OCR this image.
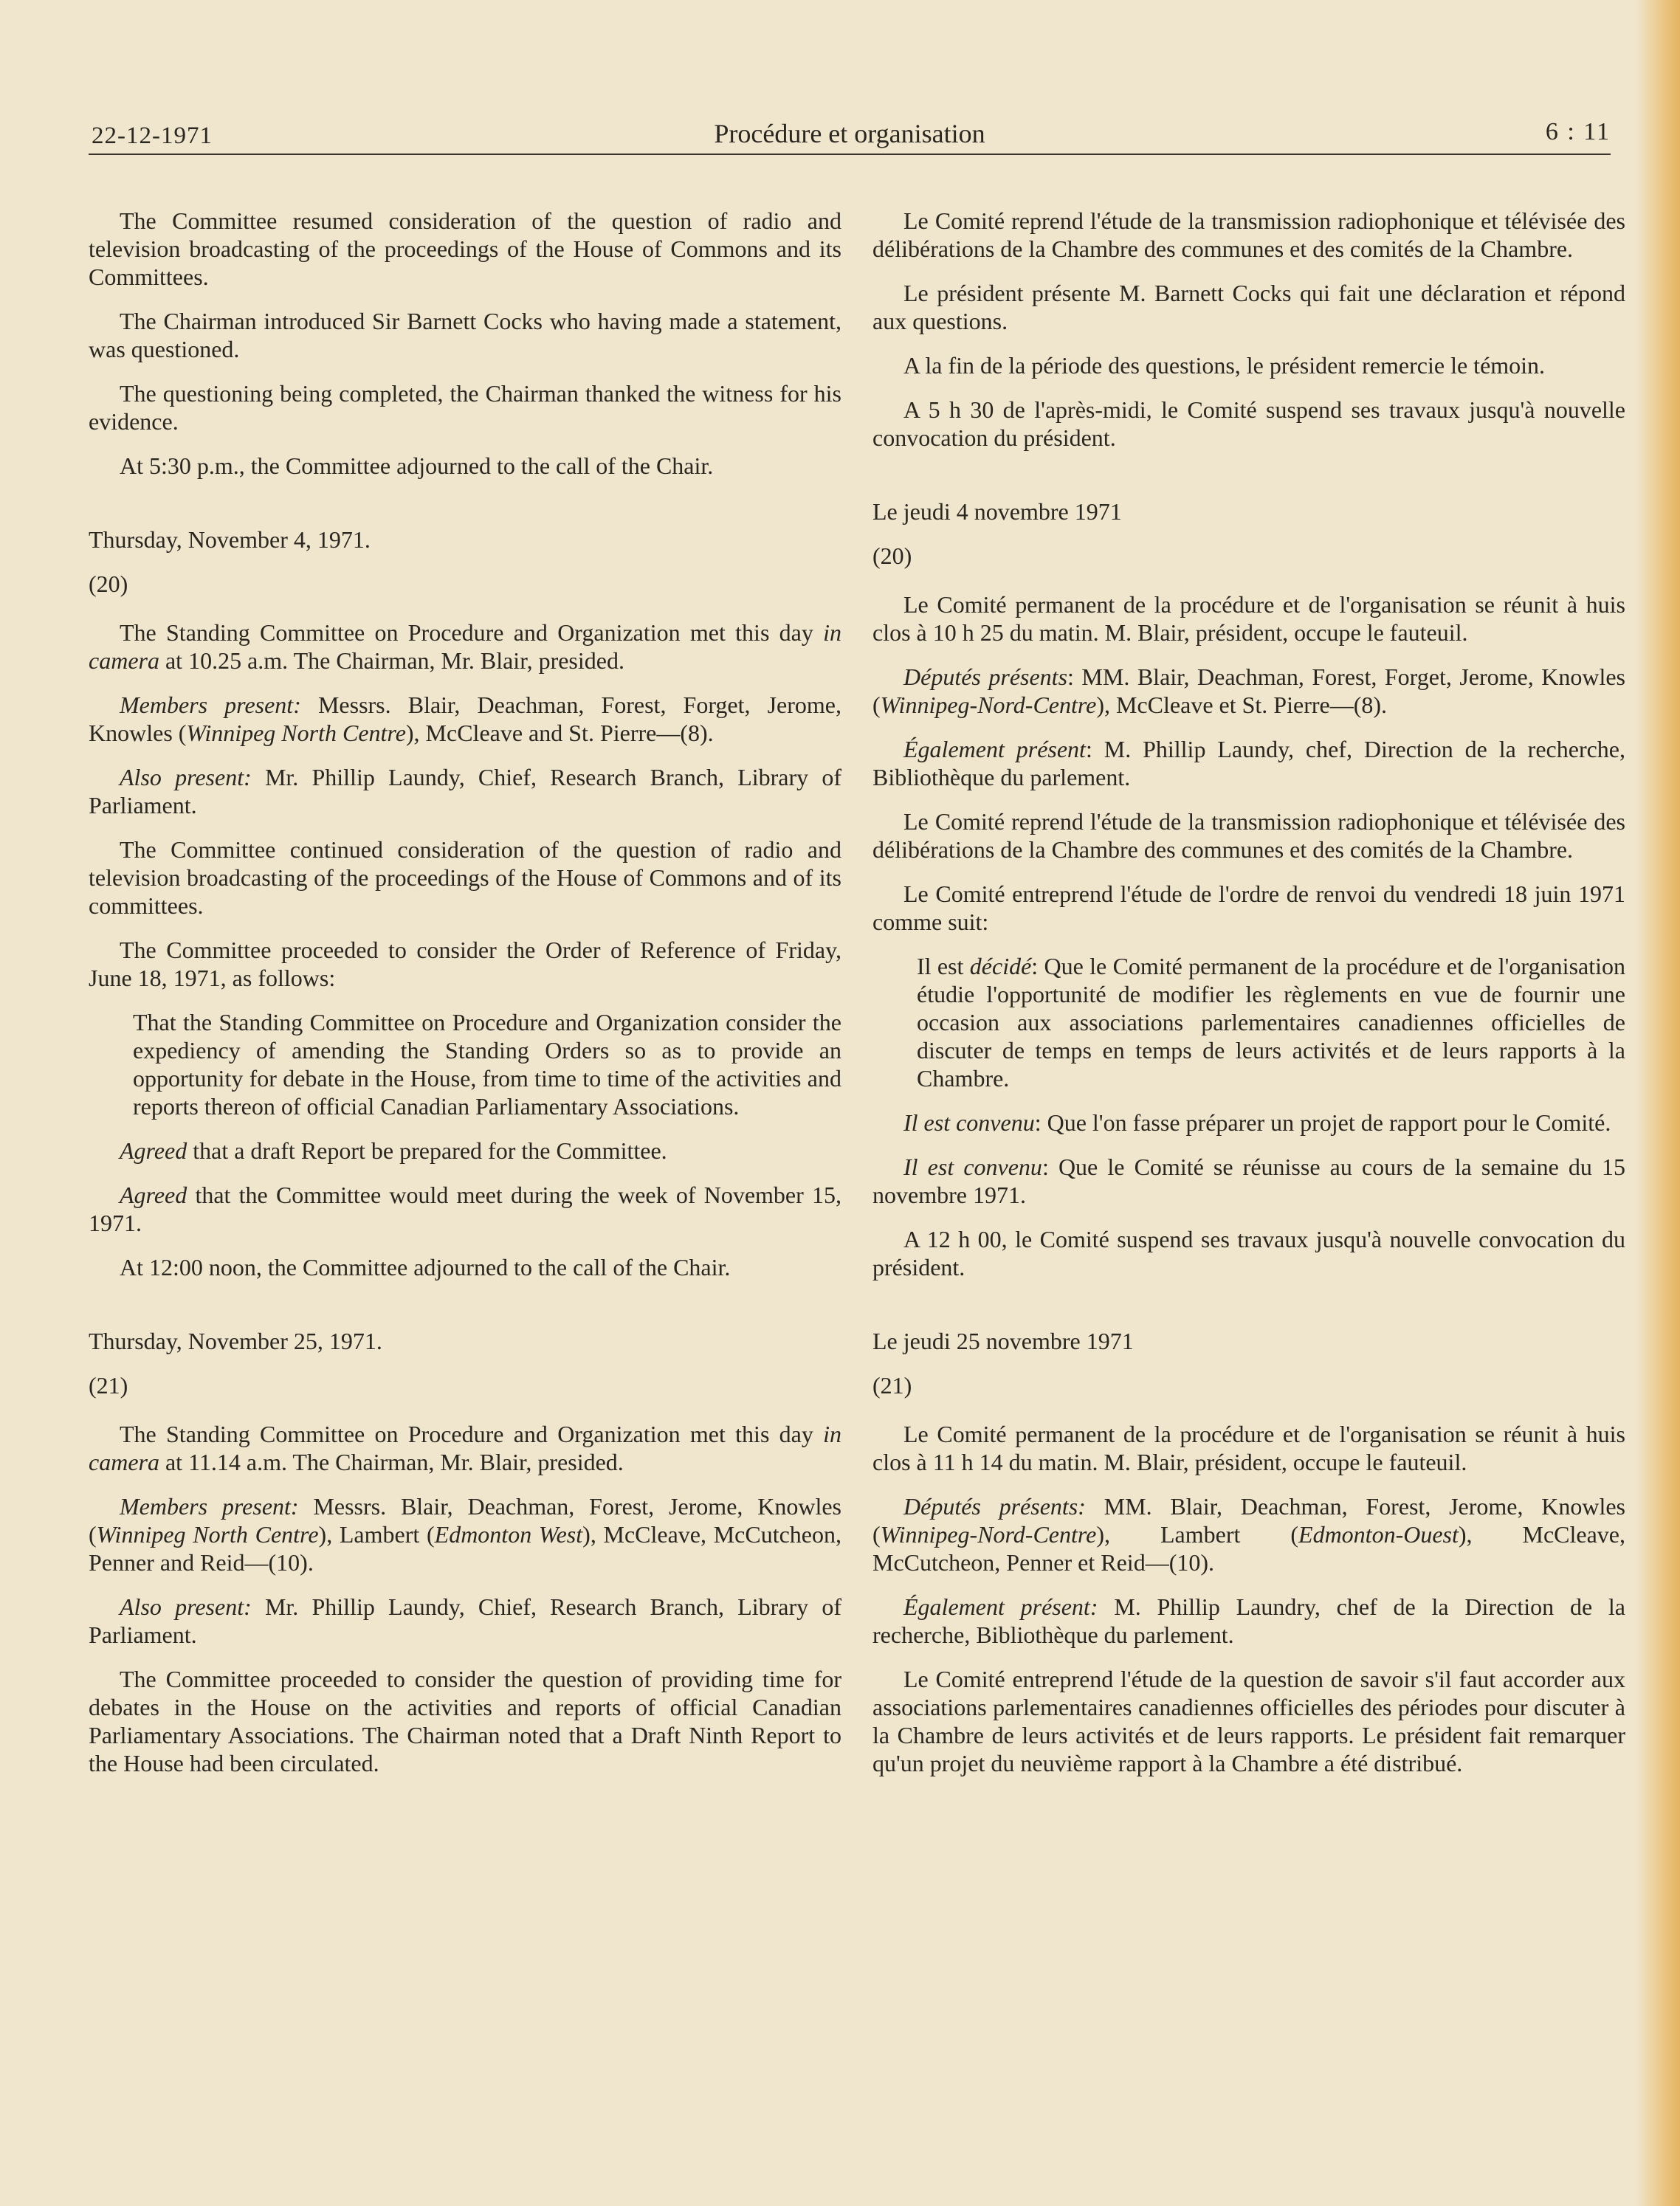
22-12-1971	Procédure et organisation	6 : 11

The Committee resumed consideration of the question of radio and television broadcasting of the proceedings of the House of Commons and its Committees.

The Chairman introduced Sir Barnett Cocks who having made a statement, was questioned.

The questioning being completed, the Chairman thanked the witness for his evidence.

At 5:30 p.m., the Committee adjourned to the call of the Chair.

Thursday, November 4, 1971.

(20)

The Standing Committee on Procedure and Organization met this day in camera at 10.25 a.m. The Chairman, Mr. Blair, presided.

Members present: Messrs. Blair, Deachman, Forest, Forget, Jerome, Knowles (Winnipeg North Centre), McCleave and St. Pierre—(8).

Also present: Mr. Phillip Laundy, Chief, Research Branch, Library of Parliament.

The Committee continued consideration of the question of radio and television broadcasting of the proceedings of the House of Commons and of its committees.

The Committee proceeded to consider the Order of Reference of Friday, June 18, 1971, as follows:

That the Standing Committee on Procedure and Organization consider the expediency of amending the Standing Orders so as to provide an opportunity for debate in the House, from time to time of the activities and reports thereon of official Canadian Parliamentary Associations.

Agreed that a draft Report be prepared for the Committee.

Agreed that the Committee would meet during the week of November 15, 1971.

At 12:00 noon, the Committee adjourned to the call of the Chair.

Thursday, November 25, 1971.

(21)

The Standing Committee on Procedure and Organization met this day in camera at 11.14 a.m. The Chairman, Mr. Blair, presided.

Members present: Messrs. Blair, Deachman, Forest, Jerome, Knowles (Winnipeg North Centre), Lambert (Edmonton West), McCleave, McCutcheon, Penner and Reid—(10).

Also present: Mr. Phillip Laundy, Chief, Research Branch, Library of Parliament.

The Committee proceeded to consider the question of providing time for debates in the House on the activities and reports of official Canadian Parliamentary Associations. The Chairman noted that a Draft Ninth Report to the House had been circulated.

Le Comité reprend l'étude de la transmission radiophonique et télévisée des délibérations de la Chambre des communes et des comités de la Chambre.

Le président présente M. Barnett Cocks qui fait une déclaration et répond aux questions.

A la fin de la période des questions, le président remercie le témoin.

A 5 h 30 de l'après-midi, le Comité suspend ses travaux jusqu'à nouvelle convocation du président.

Le jeudi 4 novembre 1971

(20)

Le Comité permanent de la procédure et de l'organisation se réunit à huis clos à 10 h 25 du matin. M. Blair, président, occupe le fauteuil.

Députés présents: MM. Blair, Deachman, Forest, Forget, Jerome, Knowles (Winnipeg-Nord-Centre), McCleave et St. Pierre—(8).

Également présent: M. Phillip Laundy, chef, Direction de la recherche, Bibliothèque du parlement.

Le Comité reprend l'étude de la transmission radiophonique et télévisée des délibérations de la Chambre des communes et des comités de la Chambre.

Le Comité entreprend l'étude de l'ordre de renvoi du vendredi 18 juin 1971 comme suit:

Il est décidé: Que le Comité permanent de la procédure et de l'organisation étudie l'opportunité de modifier les règlements en vue de fournir une occasion aux associations parlementaires canadiennes officielles de discuter de temps en temps de leurs activités et de leurs rapports à la Chambre.

Il est convenu: Que l'on fasse préparer un projet de rapport pour le Comité.

Il est convenu: Que le Comité se réunisse au cours de la semaine du 15 novembre 1971.

A 12 h 00, le Comité suspend ses travaux jusqu'à nouvelle convocation du président.

Le jeudi 25 novembre 1971

(21)

Le Comité permanent de la procédure et de l'organisation se réunit à huis clos à 11 h 14 du matin. M. Blair, président, occupe le fauteuil.

Députés présents: MM. Blair, Deachman, Forest, Jerome, Knowles (Winnipeg-Nord-Centre), Lambert (Edmonton-Ouest), McCleave, McCutcheon, Penner et Reid—(10).

Également présent: M. Phillip Laundry, chef de la Direction de la recherche, Bibliothèque du parlement.

Le Comité entreprend l'étude de la question de savoir s'il faut accorder aux associations parlementaires canadiennes officielles des périodes pour discuter à la Chambre de leurs activités et de leurs rapports. Le président fait remarquer qu'un projet du neuvième rapport à la Chambre a été distribué.
